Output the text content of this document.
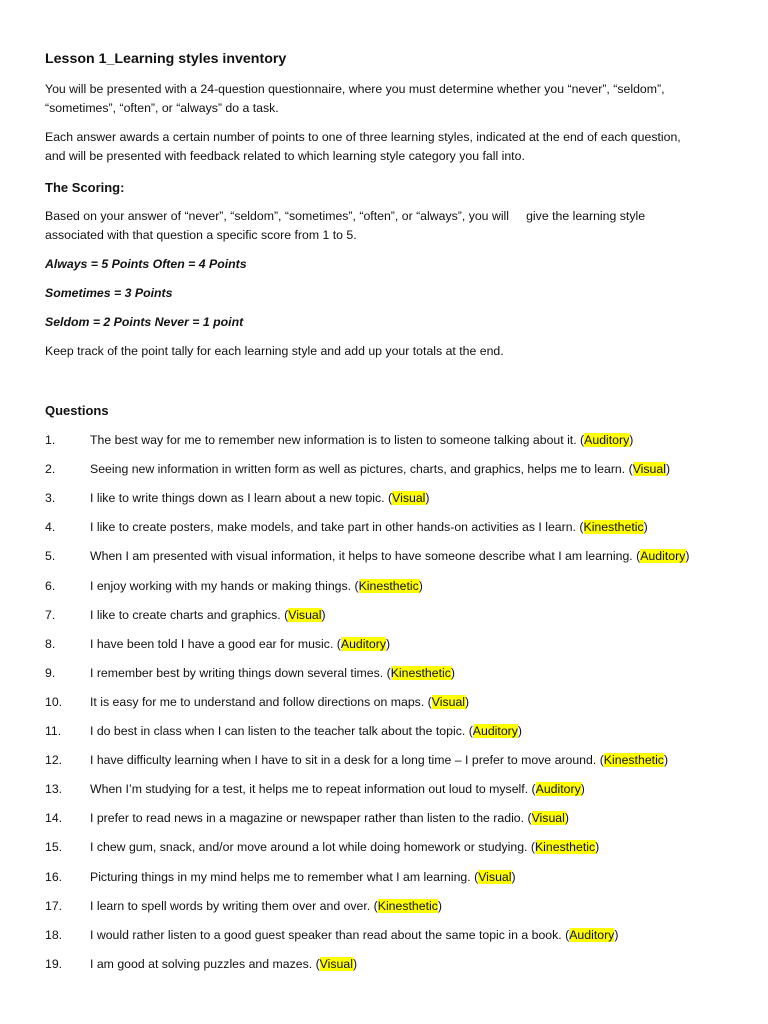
Lesson 1_Learning styles inventory
You will be presented with a 24-question questionnaire, where you must determine whether you “never”, “seldom”,
“sometimes”, “often”, or “always” do a task.
Each answer awards a certain number of points to one of three learning styles, indicated at the end of each question,
and will be presented with feedback related to which learning style category you fall into.
The Scoring:
Based on your answer of “never”, “seldom”, “sometimes”, “often”, or “always”, you will     give the learning style
associated with that question a specific score from 1 to 5.
Always = 5 Points Often = 4 Points
Sometimes = 3 Points
Seldom = 2 Points Never = 1 point
Keep track of the point tally for each learning style and add up your totals at the end.
Questions
1.	The best way for me to remember new information is to listen to someone talking about it. (Auditory)
2.	Seeing new information in written form as well as pictures, charts, and graphics, helps me to learn. (Visual)
3.	I like to write things down as I learn about a new topic. (Visual)
4.	I like to create posters, make models, and take part in other hands-on activities as I learn. (Kinesthetic)
5.	When I am presented with visual information, it helps to have someone describe what I am learning. (Auditory)
6.	I enjoy working with my hands or making things. (Kinesthetic)
7.	I like to create charts and graphics. (Visual)
8.	I have been told I have a good ear for music. (Auditory)
9.	I remember best by writing things down several times. (Kinesthetic)
10. It is easy for me to understand and follow directions on maps. (Visual)
11. I do best in class when I can listen to the teacher talk about the topic. (Auditory)
12. I have difficulty learning when I have to sit in a desk for a long time – I prefer to move around. (Kinesthetic)
13. When I’m studying for a test, it helps me to repeat information out loud to myself. (Auditory)
14. I prefer to read news in a magazine or newspaper rather than listen to the radio. (Visual)
15. I chew gum, snack, and/or move around a lot while doing homework or studying. (Kinesthetic)
16. Picturing things in my mind helps me to remember what I am learning. (Visual)
17. I learn to spell words by writing them over and over. (Kinesthetic)
18. I would rather listen to a good guest speaker than read about the same topic in a book. (Auditory)
19. I am good at solving puzzles and mazes. (Visual)
